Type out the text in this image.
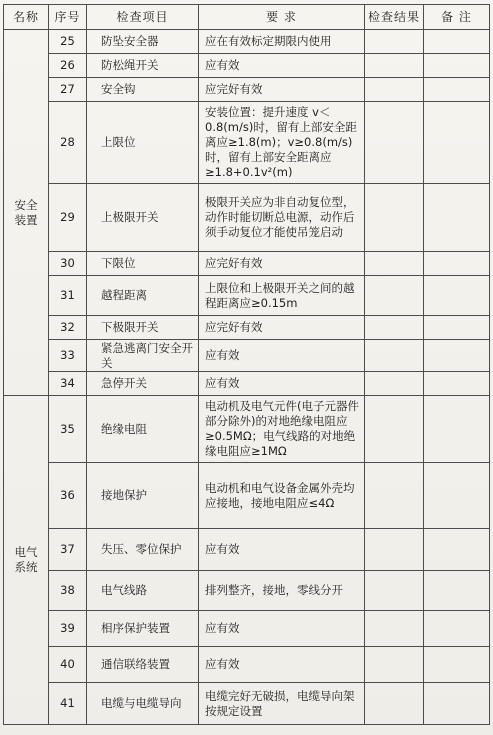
名称	序号	检查项目	要 求	检查结果	备 注
安全
装置	25	防坠安全器	应在有效标定期限内使用		
	26	防松绳开关	应有效		
	27	安全钩	应完好有效		
	28	上限位	安装位置：提升速度 v＜0.8(m/s)时，留有上部安全距离应≥1.8(m)；v≥0.8(m/s)时，留有上部安全距离应≥1.8+0.1v²(m)		
	29	上极限开关	极限开关应为非自动复位型，动作时能切断总电源，动作后须手动复位才能使吊笼启动		
	30	下限位	应完好有效		
	31	越程距离	上限位和上极限开关之间的越程距离应≥0.15m		
	32	下极限开关	应完好有效		
	33	紧急逃离门安全开关	应有效		
	34	急停开关	应有效		
电气
系统	35	绝缘电阻	电动机及电气元件(电子元器件部分除外)的对地绝缘电阻应≥0.5MΩ；电气线路的对地绝缘电阻应≥1MΩ		
	36	接地保护	电动机和电气设备金属外壳均应接地，接地电阻应≤4Ω		
	37	失压、零位保护	应有效		
	38	电气线路	排列整齐，接地，零线分开		
	39	相序保护装置	应有效		
	40	通信联络装置	应有效		
	41	电缆与电缆导向	电缆完好无破损，电缆导向架按规定设置		
